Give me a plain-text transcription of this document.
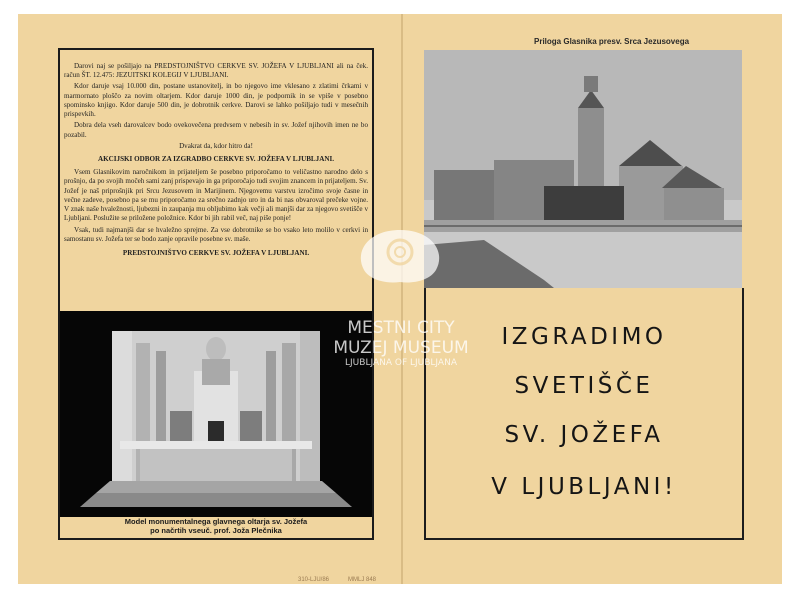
Darovi naj se pošiljajo na PREDSTOJNIŠTVO CERKVE SV. JOŽEFA V LJUBLJANI ali na ček. račun ŠT. 12.475: JEZUITSKI KOLEGIJ V LJUBLJANI.

Kdor daruje vsaj 10.000 din, postane ustanovitelj, in bo njegovo ime vklesano z zlatimi črkami v marmornato ploščo za novim oltarjem. Kdor daruje 1000 din, je podpornik in se vpiše v posebno spominsko knjigo. Kdor daruje 500 din, je dobrotnik cerkve. Darovi se lahko pošiljajo tudi v mesečnih prispevkih.

Dobra dela vseh darovalcev bodo ovekovečena predvsem v nebesih in sv. Jožef njihovih imen ne bo pozabil.

Dvakrat da, kdor hitro da!

AKCIJSKI ODBOR ZA IZGRADBO CERKVE SV. JOŽEFA V LJUBLJANI.

Vsem Glasnikovim naročnikom in prijateljem še posebno priporočamo to veličastno narodno delo s prošnjo, da po svojih močeh sami zanj prispevajo in ga priporočajo tudi svojim znancem in prijateljem. Sv. Jožef je naš priprošnjik pri Srcu Jezusovem in Marijinem. Njegovemu varstvu izročimo svoje časne in večne zadeve, posebno pa se mu priporočamo za srečno zadnjo uro in da bi nas obvaroval prečeke vojne. V znak naše hvaležnosti, ljubezni in zaupanja mu obljubimo kak večji ali manjši dar za njegovo svetišče v Ljubljani. Poslužite se priložene položnice. Kdor bi jih rabil več, naj piše ponje!

Vsak, tudi najmanjši dar se hvaležno sprejme. Za vse dobrotnike se bo vsako leto molilo v cerkvi in samostanu sv. Jožefa ter se bodo zanje opravile posebne sv. maše.

PREDSTOJNIŠTVO CERKVE SV. JOŽEFA V LJUBLJANI.

Model monumentalnega glavnega oltarja sv. Jožefa
po načrtih vseuč. prof. Joža Plečnika
Priloga Glasnika presv. Srca Jezusovega
IZGRADIMO
SVETIŠČE
SV. JOŽEFA
V LJUBLJANI!
MESTNI CITY
MUZEJ MUSEUM
LJUBLJANA OF LJUBLJANA
310-LJU/86	MMLJ 848
